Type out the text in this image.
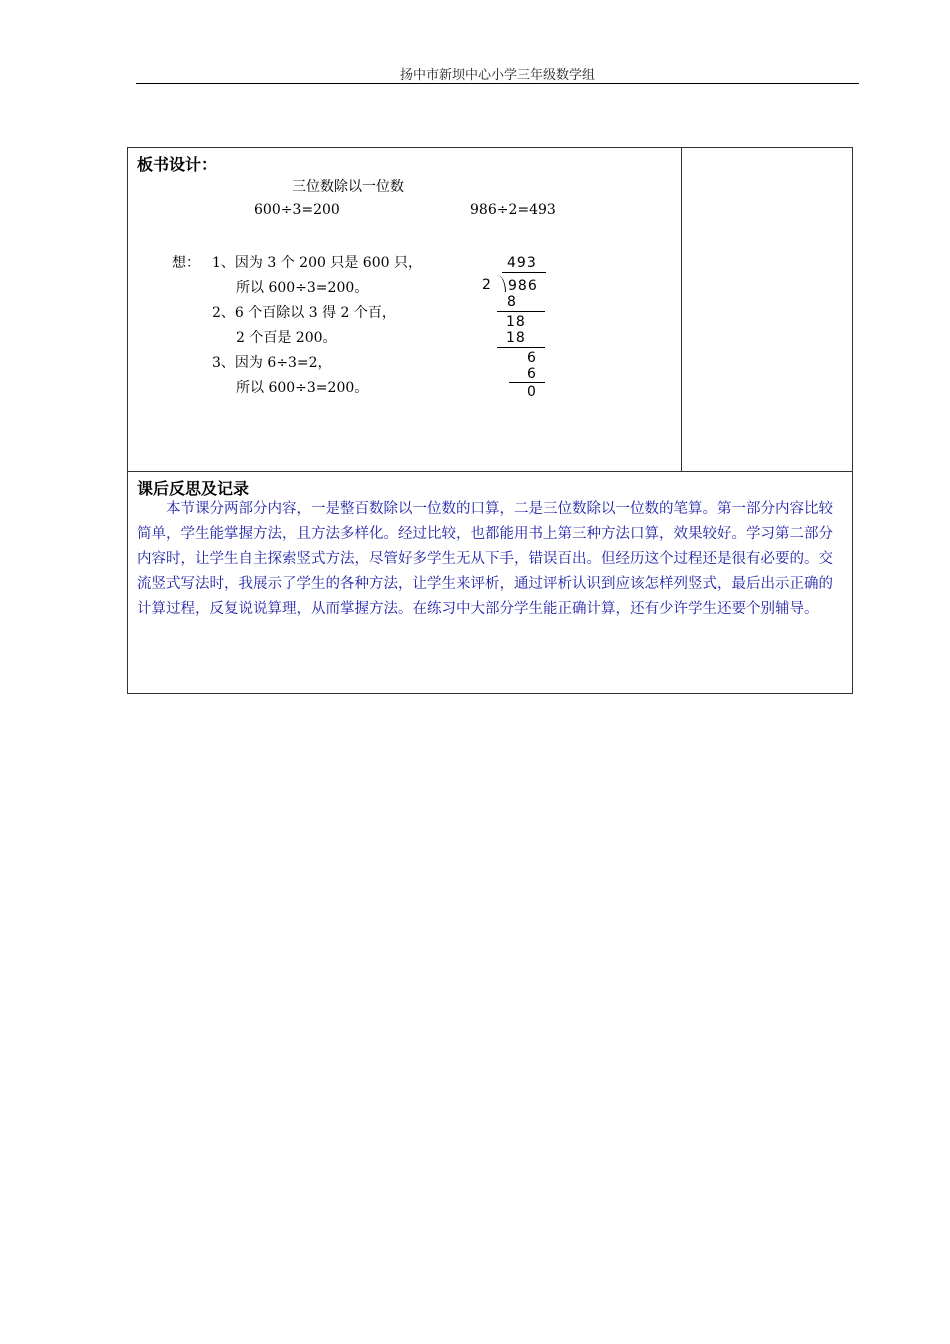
扬中市新坝中心小学三年级数学组
板书设计：
三位数除以一位数
600÷3=200	986÷2=493
想： 1、因为 3 个 200 只是 600 只，
所以 600÷3=200。
2、6 个百除以 3 得 2 个百，
2 个百是 200。
3、因为 6÷3=2，
所以 600÷3=200。
493
2 986
8
18
18
6
6
0
课后反思及记录
本节课分两部分内容，一是整百数除以一位数的口算，二是三位数除以一位数的笔算。第一部分内容比较简单，学生能掌握方法，且方法多样化。经过比较，也都能用书上第三种方法口算，效果较好。学习第二部分内容时，让学生自主探索竖式方法，尽管好多学生无从下手，错误百出。但经历这个过程还是很有必要的。交流竖式写法时，我展示了学生的各种方法，让学生来评析，通过评析认识到应该怎样列竖式，最后出示正确的计算过程，反复说说算理，从而掌握方法。在练习中大部分学生能正确计算，还有少许学生还要个别辅导。
